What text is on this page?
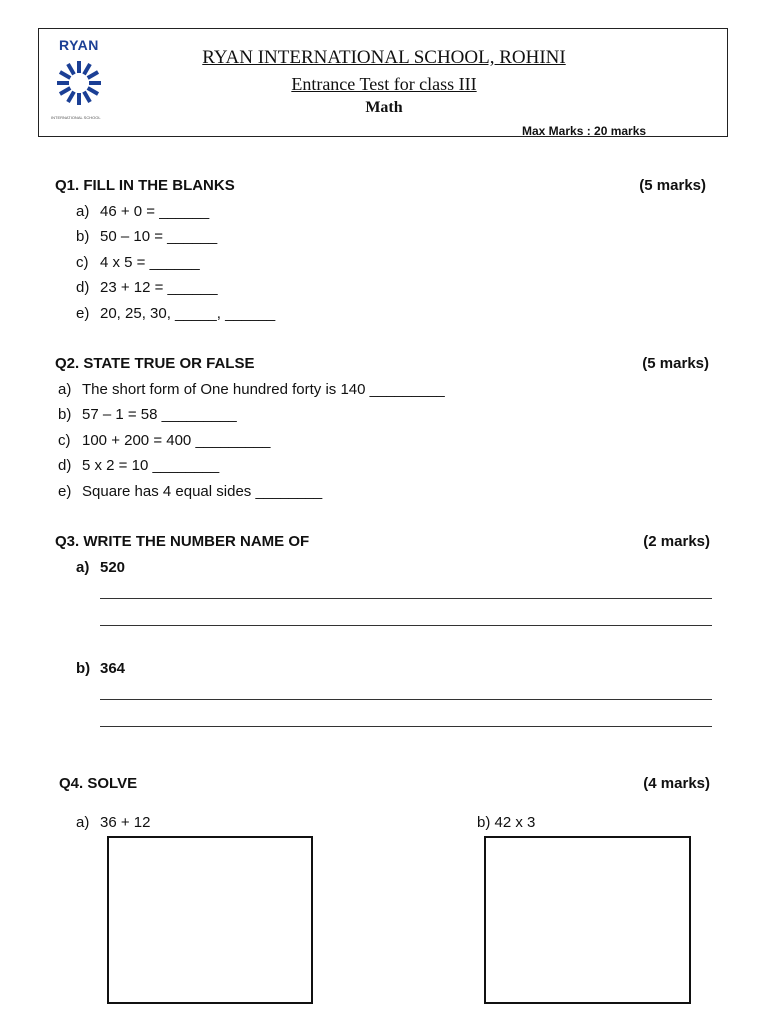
RYAN
INTERNATIONAL SCHOOL
RYAN INTERNATIONAL SCHOOL, ROHINI
Entrance Test for class III
Math
Max Marks : 20 marks
Q1. FILL IN THE BLANKS	(5 marks)
a) 46 + 0 = ______
b) 50 – 10 = ______
c) 4 x 5 = ______
d) 23 + 12 = ______
e) 20, 25, 30, _____, ______
Q2. STATE TRUE OR FALSE	(5 marks)
a) The short form of One hundred forty is 140 _________
b) 57 – 1 = 58 _________
c) 100 + 200 = 400 _________
d) 5 x 2 = 10 ________
e) Square has 4 equal sides ________
Q3. WRITE THE NUMBER NAME OF	(2 marks)
a) 520
b) 364
Q4. SOLVE	(4 marks)
a) 36 + 12	b) 42 x 3
